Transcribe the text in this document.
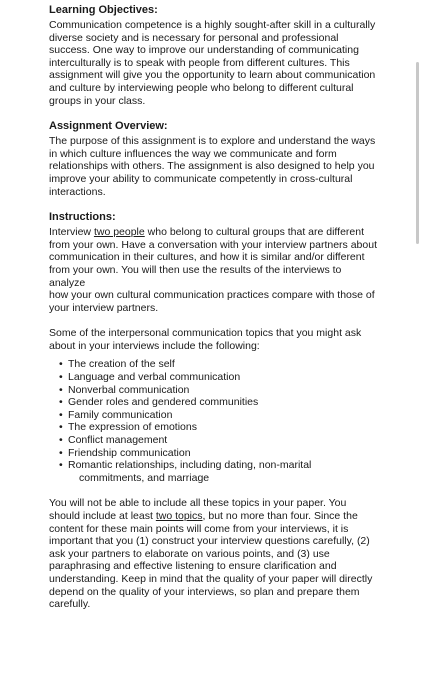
Learning Objectives:

Communication competence is a highly sought-after skill in a culturally diverse society and is necessary for personal and professional success. One way to improve our understanding of communicating interculturally is to speak with people from different cultures. This assignment will give you the opportunity to learn about communication and culture by interviewing people who belong to different cultural groups in your class.

Assignment Overview:

The purpose of this assignment is to explore and understand the ways in which culture influences the way we communicate and form relationships with others. The assignment is also designed to help you improve your ability to communicate competently in cross-cultural interactions.

Instructions:

Interview two people who belong to cultural groups that are different from your own. Have a conversation with your interview partners about communication in their cultures, and how it is similar and/or different from your own. You will then use the results of the interviews to analyze
how your own cultural communication practices compare with those of your interview partners.

Some of the interpersonal communication topics that you might ask about in your interviews include the following:

• The creation of the self
• Language and verbal communication
• Nonverbal communication
• Gender roles and gendered communities
• Family communication
• The expression of emotions
• Conflict management
• Friendship communication
• Romantic relationships, including dating, non-marital
commitments, and marriage

You will not be able to include all these topics in your paper. You should include at least two topics, but no more than four. Since the content for these main points will come from your interviews, it is important that you (1) construct your interview questions carefully, (2) ask your partners to elaborate on various points, and (3) use paraphrasing and effective listening to ensure clarification and understanding. Keep in mind that the quality of your paper will directly depend on the quality of your interviews, so plan and prepare them carefully.
